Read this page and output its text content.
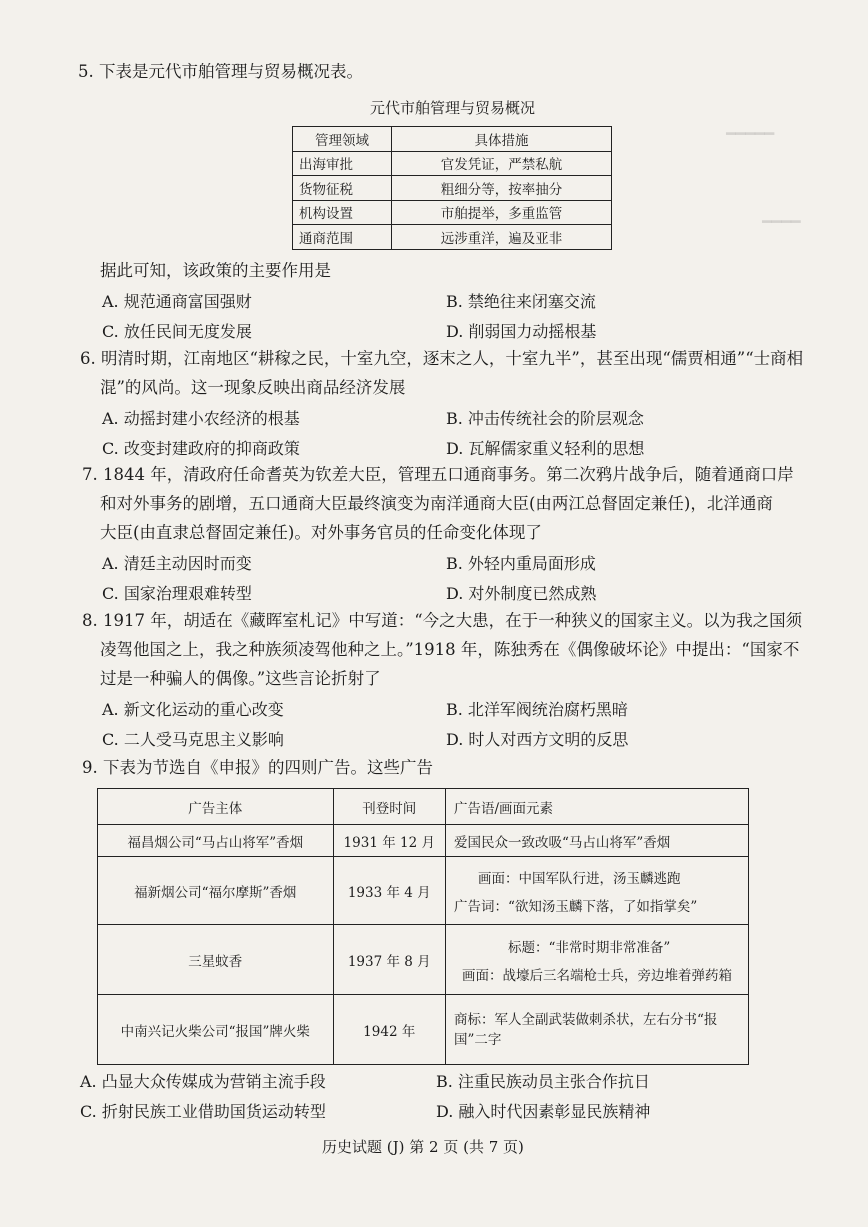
━━━━━
━━━━
5. 下表是元代市舶管理与贸易概况表。
元代市舶管理与贸易概况
管理领域	具体措施
出海审批	官发凭证，严禁私航
货物征税	粗细分等，按率抽分
机构设置	市舶提举，多重监管
通商范围	远涉重洋，遍及亚非
据此可知，该政策的主要作用是
A. 规范通商富国强财	B. 禁绝往来闭塞交流
C. 放任民间无度发展	D. 削弱国力动摇根基
6. 明清时期，江南地区“耕稼之民，十室九空，逐末之人，十室九半”，甚至出现“儒贾相通”“士商相
混”的风尚。这一现象反映出商品经济发展
A. 动摇封建小农经济的根基	B. 冲击传统社会的阶层观念
C. 改变封建政府的抑商政策	D. 瓦解儒家重义轻利的思想
7. 1844 年，清政府任命耆英为钦差大臣，管理五口通商事务。第二次鸦片战争后，随着通商口岸
和对外事务的剧增，五口通商大臣最终演变为南洋通商大臣(由两江总督固定兼任)，北洋通商
大臣(由直隶总督固定兼任)。对外事务官员的任命变化体现了
A. 清廷主动因时而变	B. 外轻内重局面形成
C. 国家治理艰难转型	D. 对外制度已然成熟
8. 1917 年，胡适在《藏晖室札记》中写道：“今之大患，在于一种狭义的国家主义。以为我之国须
凌驾他国之上，我之种族须凌驾他种之上。”1918 年，陈独秀在《偶像破坏论》中提出：“国家不
过是一种骗人的偶像。”这些言论折射了
A. 新文化运动的重心改变	B. 北洋军阀统治腐朽黑暗
C. 二人受马克思主义影响	D. 时人对西方文明的反思
9. 下表为节选自《申报》的四则广告。这些广告
广告主体	刊登时间	广告语/画面元素
福昌烟公司“马占山将军”香烟	1931 年 12 月	爱国民众一致改吸“马占山将军”香烟

福新烟公司“福尔摩斯”香烟	1933 年 4 月	画面：中国军队行进，汤玉麟逃跑
广告词：“欲知汤玉麟下落，了如指掌矣”

三星蚊香	1937 年 8 月	标题：“非常时期非常准备”
画面：战壕后三名端枪士兵，旁边堆着弹药箱

中南兴记火柴公司“报国”牌火柴	1942 年	商标：军人全副武装做刺杀状，左右分书“报国”二字
A. 凸显大众传媒成为营销主流手段	B. 注重民族动员主张合作抗日
C. 折射民族工业借助国货运动转型	D. 融入时代因素彰显民族精神
历史试题 (J) 第 2 页 (共 7 页)
